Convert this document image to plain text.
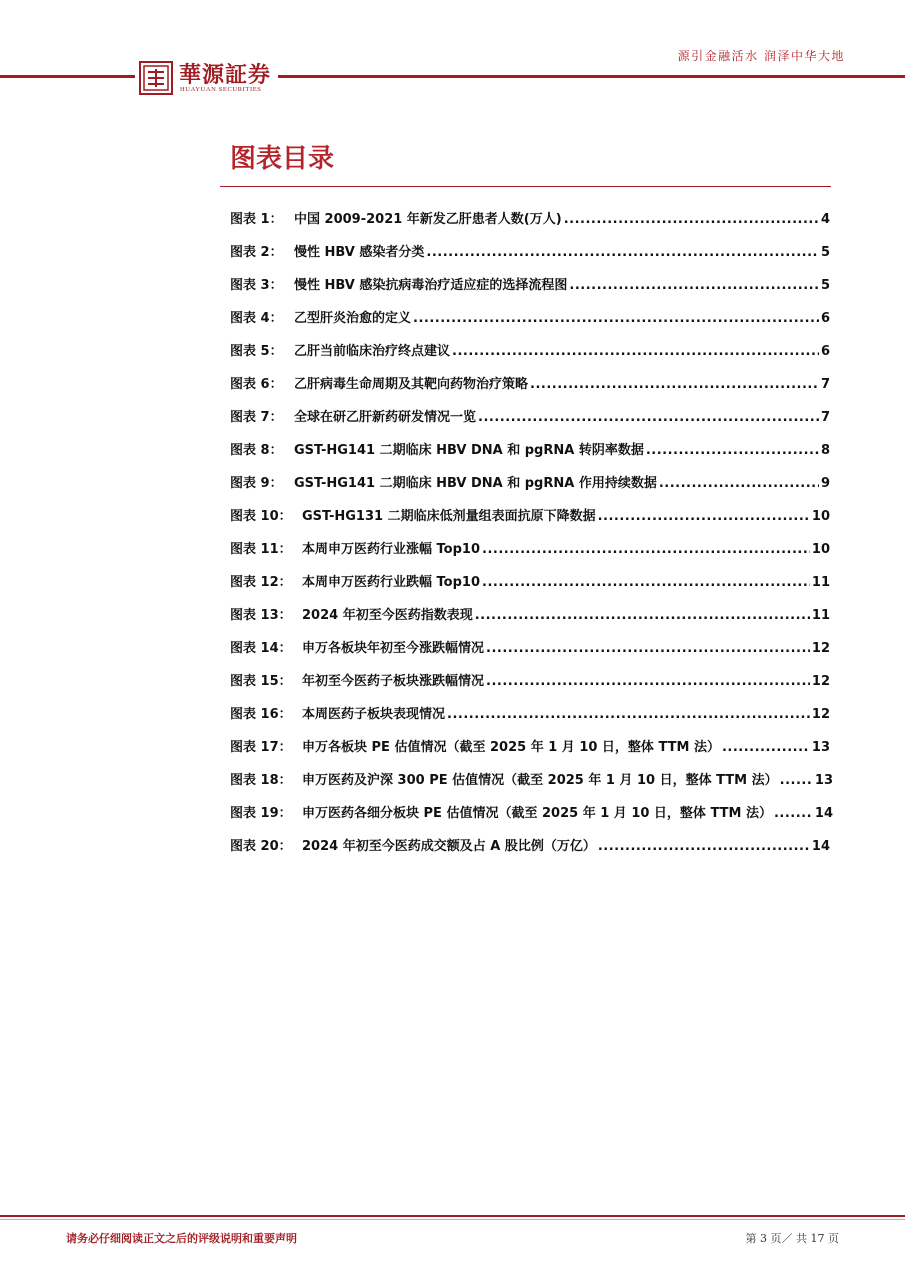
華源証券
HUAYUAN SECURITIES
源引金融活水 润泽中华大地
图表目录
图表 1： 中国 2009-2021 年新发乙肝患者人数(万人) .....	4
图表 2： 慢性 HBV 感染者分类 .....	5
图表 3： 慢性 HBV 感染抗病毒治疗适应症的选择流程图 .....	5
图表 4： 乙型肝炎治愈的定义 .....	6
图表 5： 乙肝当前临床治疗终点建议 .....	6
图表 6： 乙肝病毒生命周期及其靶向药物治疗策略 .....	7
图表 7： 全球在研乙肝新药研发情况一览 .....	7
图表 8： GST-HG141 二期临床 HBV DNA 和 pgRNA 转阴率数据 .....	8
图表 9： GST-HG141 二期临床 HBV DNA 和 pgRNA 作用持续数据 .....	9
图表 10： GST-HG131 二期临床低剂量组表面抗原下降数据 .....	10
图表 11： 本周申万医药行业涨幅 Top10 .....	10
图表 12： 本周申万医药行业跌幅 Top10 .....	11
图表 13： 2024 年初至今医药指数表现 .....	11
图表 14： 申万各板块年初至今涨跌幅情况 .....	12
图表 15： 年初至今医药子板块涨跌幅情况 .....	12
图表 16： 本周医药子板块表现情况 .....	12
图表 17： 申万各板块 PE 估值情况（截至 2025 年 1 月 10 日，整体 TTM 法） .....	13
图表 18： 申万医药及沪深 300 PE 估值情况（截至 2025 年 1 月 10 日，整体 TTM 法） .....	13
图表 19： 申万医药各细分板块 PE 估值情况（截至 2025 年 1 月 10 日，整体 TTM 法） .....	14
图表 20： 2024 年初至今医药成交额及占 A 股比例（万亿） .....	14
请务必仔细阅读正文之后的评级说明和重要声明	第 3 页／ 共 17 页
